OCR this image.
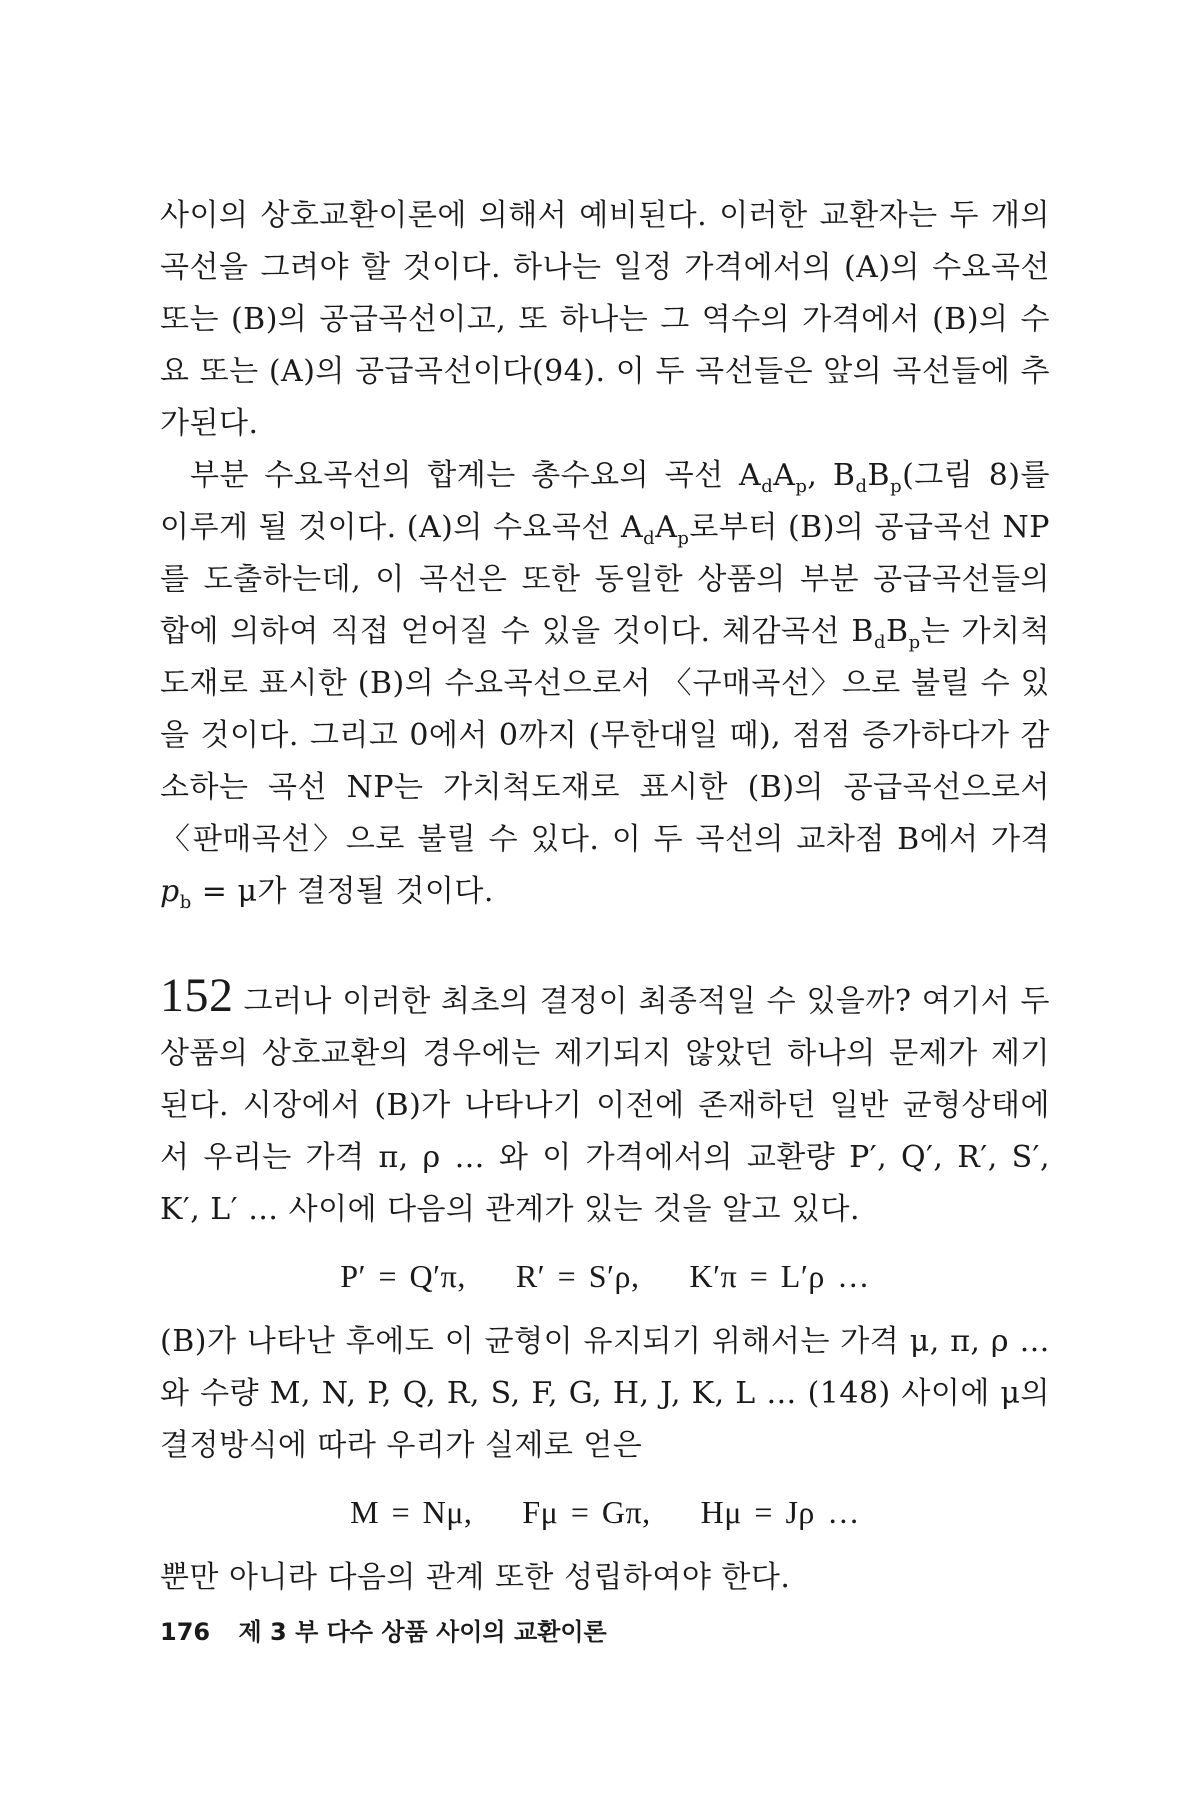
사이의 상호교환이론에 의해서 예비된다. 이러한 교환자는 두 개의 곡선을 그려야 할 것이다. 하나는 일정 가격에서의 (A)의 수요곡선 또는 (B)의 공급곡선이고, 또 하나는 그 역수의 가격에서 (B)의 수요 또는 (A)의 공급곡선이다(94). 이 두 곡선들은 앞의 곡선들에 추가된다.

부분 수요곡선의 합계는 총수요의 곡선 $A_dA_p$, $B_dB_p$(그림 8)를 이루게 될 것이다. (A)의 수요곡선 $A_dA_p$로부터 (B)의 공급곡선 NP를 도출하는데, 이 곡선은 또한 동일한 상품의 부분 공급곡선들의 합에 의하여 직접 얻어질 수 있을 것이다. 체감곡선 $B_dB_p$는 가치척도재로 표시한 (B)의 수요곡선으로서 〈구매곡선〉으로 불릴 수 있을 것이다. 그리고 0에서 0까지 (무한대일 때), 점점 증가하다가 감소하는 곡선 NP는 가치척도재로 표시한 (B)의 공급곡선으로서 〈판매곡선〉으로 불릴 수 있다. 이 두 곡선의 교차점 B에서 가격 $p_b = \mu$가 결정될 것이다.

152 그러나 이러한 최초의 결정이 최종적일 수 있을까? 여기서 두 상품의 상호교환의 경우에는 제기되지 않았던 하나의 문제가 제기된다. 시장에서 (B)가 나타나기 이전에 존재하던 일반 균형상태에서 우리는 가격 π, ρ … 와 이 가격에서의 교환량 P′, Q′, R′, S′, K′, L′ … 사이에 다음의 관계가 있는 것을 알고 있다.

P′ = Q′π, R′ = S′ρ, K′π = L′ρ …

(B)가 나타난 후에도 이 균형이 유지되기 위해서는 가격 μ, π, ρ … 와 수량 M, N, P, Q, R, S, F, G, H, J, K, L … (148) 사이에 μ의 결정방식에 따라 우리가 실제로 얻은

M = Nμ, Fμ = Gπ, Hμ = Jρ …

뿐만 아니라 다음의 관계 또한 성립하여야 한다.

176 제 3 부 다수 상품 사이의 교환이론
